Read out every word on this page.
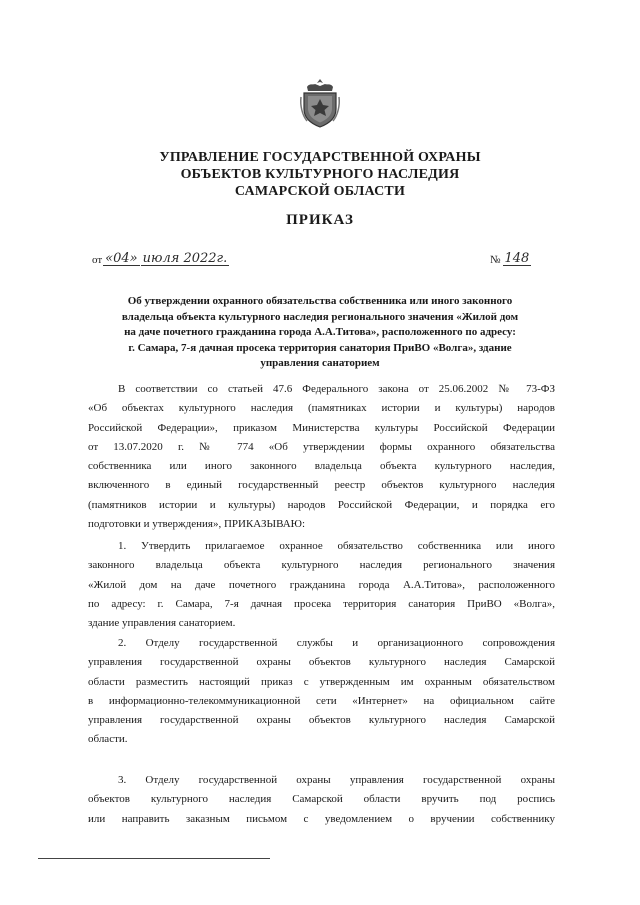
УПРАВЛЕНИЕ ГОСУДАРСТВЕННОЙ ОХРАНЫ
ОБЪЕКТОВ КУЛЬТУРНОГО НАСЛЕДИЯ
САМАРСКОЙ ОБЛАСТИ
ПРИКАЗ
от «04» июля 2022г.	№ 148
Об утверждении охранного обязательства собственника или иного законного
владельца объекта культурного наследия регионального значения «Жилой дом
на даче почетного гражданина города А.А.Титова», расположенного по адресу:
г. Самара, 7-я дачная просека территория санатория ПриВО «Волга», здание
управления санаторием
В соответствии со статьей 47.6 Федерального закона от 25.06.2002 № 73-ФЗ
«Об объектах культурного наследия (памятниках истории и культуры) народов
Российской Федерации», приказом Министерства культуры Российской Федерации
от 13.07.2020 г. № 774 «Об утверждении формы охранного обязательства
собственника или иного законного владельца объекта культурного наследия,
включенного в единый государственный реестр объектов культурного наследия
(памятников истории и культуры) народов Российской Федерации, и порядка его
подготовки и утверждения», ПРИКАЗЫВАЮ:
1. Утвердить прилагаемое охранное обязательство собственника или иного
законного владельца объекта культурного наследия регионального значения
«Жилой дом на даче почетного гражданина города А.А.Титова», расположенного
по адресу: г. Самара, 7-я дачная просека территория санатория ПриВО «Волга»,
здание управления санаторием.
2. Отделу государственной службы и организационного сопровождения
управления государственной охраны объектов культурного наследия Самарской
области разместить настоящий приказ с утвержденным им охранным обязательством
в информационно-телекоммуникационной сети «Интернет» на официальном сайте
управления государственной охраны объектов культурного наследия Самарской
области.
3. Отделу государственной охраны управления государственной охраны
объектов культурного наследия Самарской области вручить под роспись
или направить заказным письмом с уведомлением о вручении собственнику
